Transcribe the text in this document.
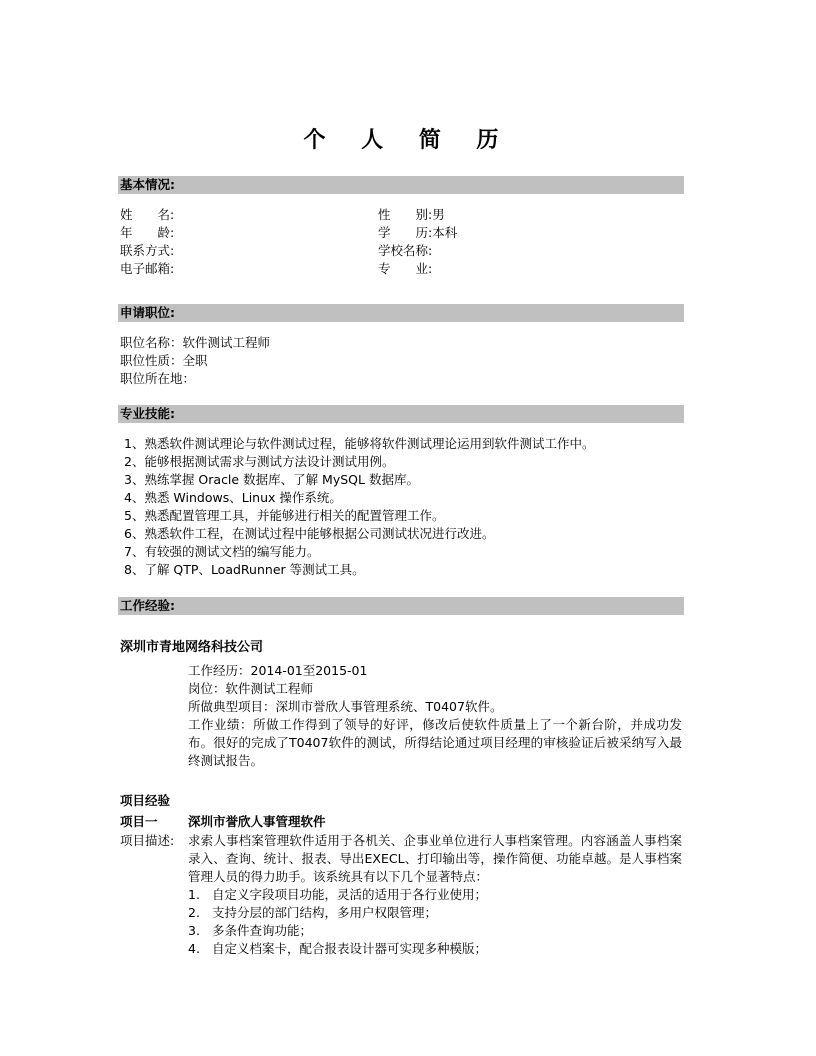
个 人 简 历
基本情况:
姓　　名:
年　　龄:
联系方式:
电子邮箱:
性　　别:男
学　　历:本科
学校名称:
专　　业:
申请职位:
职位名称：软件测试工程师
职位性质：全职
职位所在地：
专业技能:
1、熟悉软件测试理论与软件测试过程，能够将软件测试理论运用到软件测试工作中。
2、能够根据测试需求与测试方法设计测试用例。
3、熟练掌握 Oracle 数据库、了解 MySQL 数据库。
4、熟悉 Windows、Linux 操作系统。
5、熟悉配置管理工具，并能够进行相关的配置管理工作。
6、熟悉软件工程，在测试过程中能够根据公司测试状况进行改进。
7、有较强的测试文档的编写能力。
8、了解 QTP、LoadRunner 等测试工具。
工作经验:
深圳市青地网络科技公司
工作经历：2014-01至2015-01
岗位：软件测试工程师
所做典型项目：深圳市誉欣人事管理系统、T0407软件。
工作业绩：所做工作得到了领导的好评，修改后使软件质量上了一个新台阶，并成功发布。很好的完成了T0407软件的测试，所得结论通过项目经理的审核验证后被采纳写入最终测试报告。
项目经验
项目一 深圳市誉欣人事管理软件
项目描述: 求索人事档案管理软件适用于各机关、企事业单位进行人事档案管理。内容涵盖人事档案录入、查询、统计、报表、导出EXECL、打印输出等，操作简便、功能卓越。是人事档案管理人员的得力助手。该系统具有以下几个显著特点：
1. 自定义字段项目功能，灵活的适用于各行业使用；
2. 支持分层的部门结构，多用户权限管理；
3. 多条件查询功能；
4. 自定义档案卡，配合报表设计器可实现多种模版；
